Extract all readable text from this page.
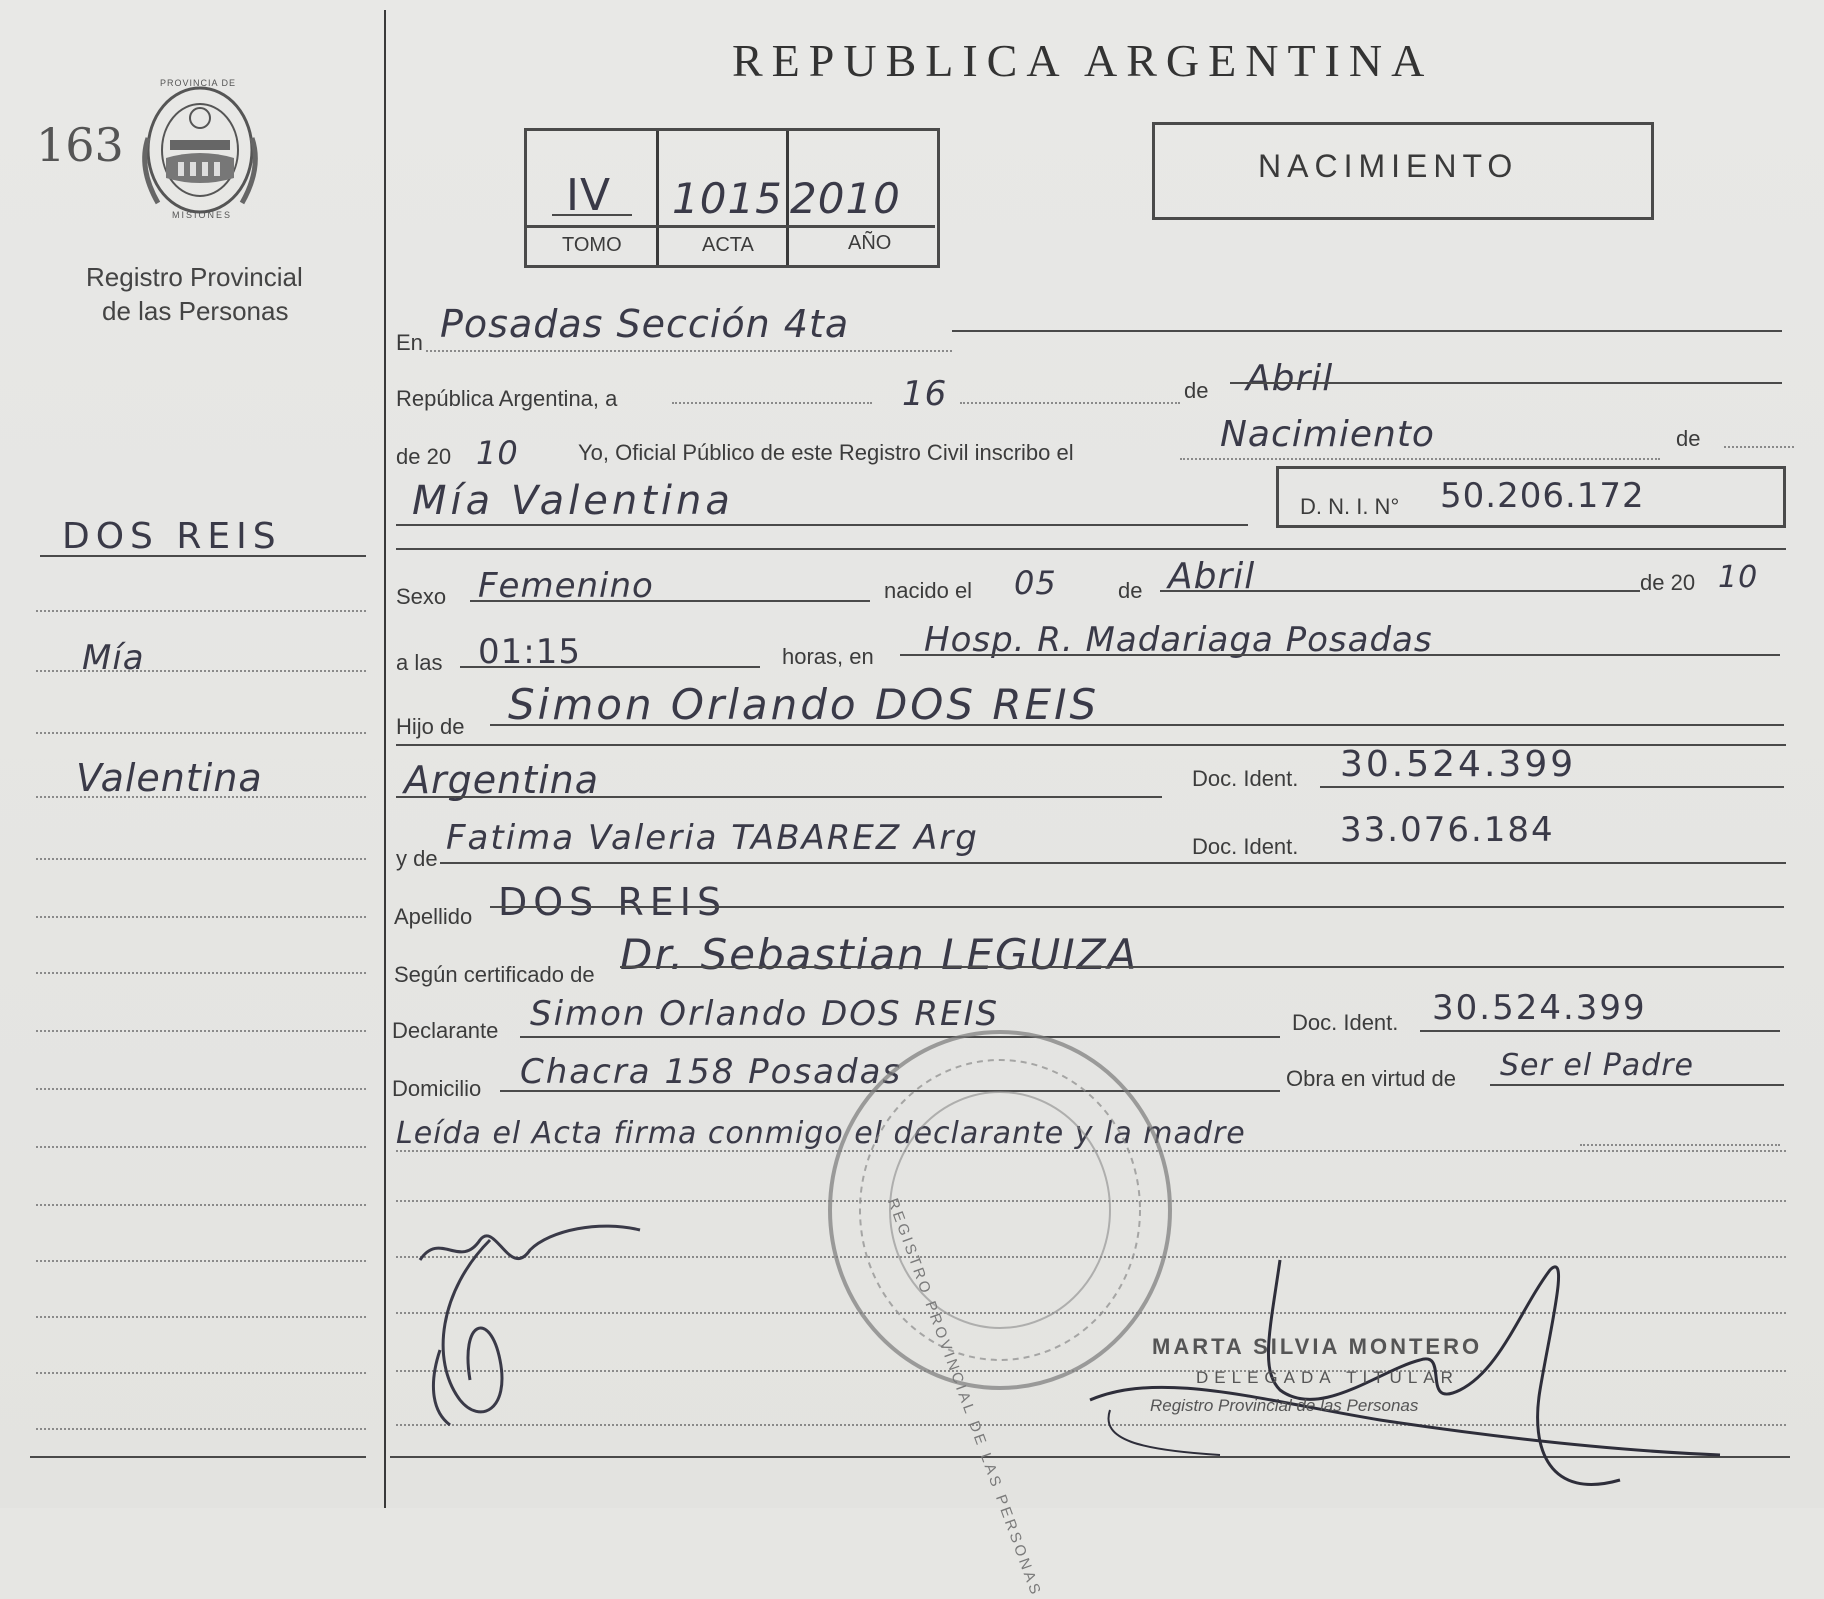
163
PROVINCIA DE
MISIONES
Registro Provincial
de las Personas
DOS REIS
Mía
Valentina
REPUBLICA ARGENTINA
IV 1015 2010
TOMO	ACTA	AÑO
NACIMIENTO
En Posadas Sección 4ta
República Argentina, a	16	de Abril
de 20 10	Yo, Oficial Público de este Registro Civil inscribo el	Nacimiento	de
Mía Valentina	D. N. I. N° 50.206.172
Sexo Femenino	nacido el 05	de Abril	de 20 10
a las 01:15	horas, en Hosp. R. Madariaga Posadas
Hijo de Simon Orlando DOS REIS
Argentina	Doc. Ident. 30.524.399
y de
Fatima Valeria TABAREZ Arg	Doc. Ident. 33.076.184
Apellido DOS REIS
Según certificado de Dr. Sebastian LEGUIZA
Declarante Simon Orlando DOS REIS	Doc. Ident. 30.524.399
Domicilio Chacra 158 Posadas	Obra en virtud de Ser el Padre
Leída el Acta firma conmigo el declarante y la madre
REGISTRO PROVINCIAL DE LAS PERSONAS	MARTA SILVIA MONTERO
DELEGADA TITULAR
Registro Provincial de las Personas
